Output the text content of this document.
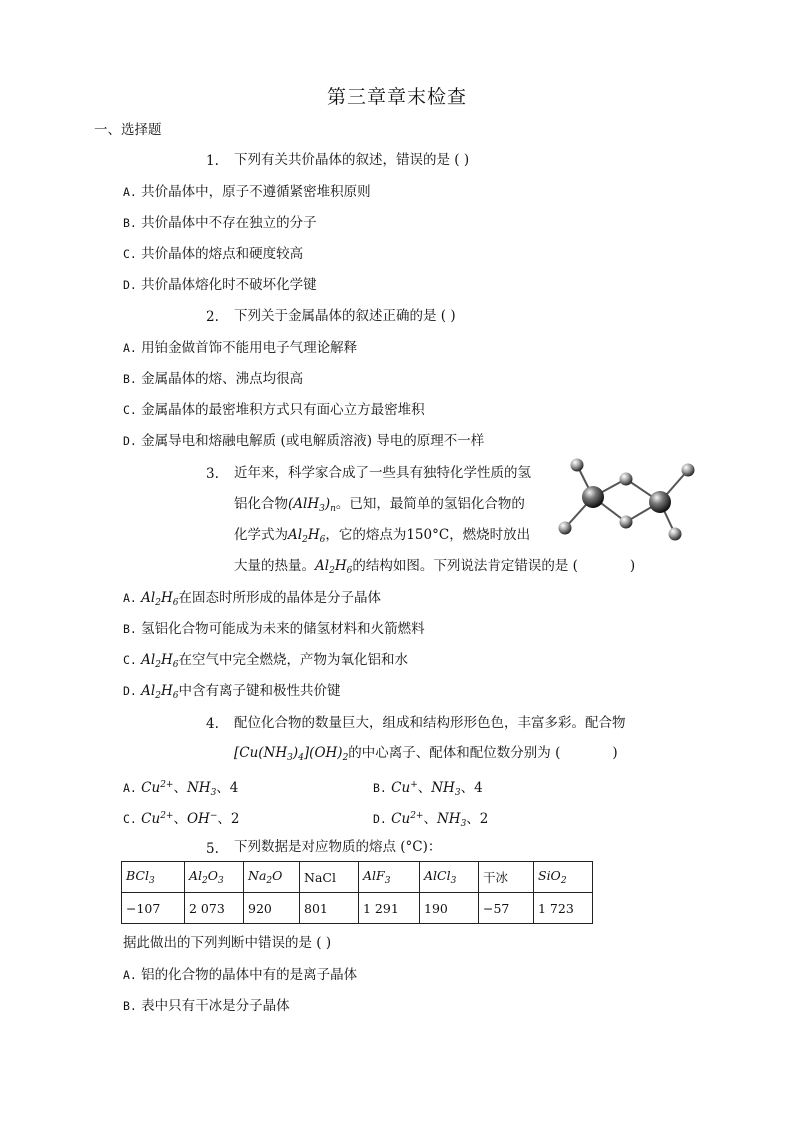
第三章章末检查
一、选择题
1. 下列有关共价晶体的叙述，错误的是 ( )
A. 共价晶体中，原子不遵循紧密堆积原则
B. 共价晶体中不存在独立的分子
C. 共价晶体的熔点和硬度较高
D. 共价晶体熔化时不破坏化学键
2. 下列关于金属晶体的叙述正确的是 ( )
A. 用铂金做首饰不能用电子气理论解释
B. 金属晶体的熔、沸点均很高
C. 金属晶体的最密堆积方式只有面心立方最密堆积
D. 金属导电和熔融电解质 (或电解质溶液) 导电的原理不一样
3. 近年来，科学家合成了一些具有独特化学性质的氢
铝化合物$(AlH_3)_n$。已知，最简单的氢铝化合物的
化学式为$Al_2H_6$，它的熔点为150°C，燃烧时放出
大量的热量。$Al_2H_6$的结构如图。下列说法肯定错误的是 (	)
A. $Al_2H_6$在固态时所形成的晶体是分子晶体
B. 氢铝化合物可能成为未来的储氢材料和火箭燃料
C. $Al_2H_6$在空气中完全燃烧，产物为氧化铝和水
D. $Al_2H_6$中含有离子键和极性共价键
4. 配位化合物的数量巨大，组成和结构形形色色，丰富多彩。配合物
$[Cu(NH_3)_4](OH)_2$的中心离子、配体和配位数分别为 (	)
A. $Cu^{2+}$、$NH_3$、4	B. Cu+、$NH_3$、4
C. $Cu^{2+}$、OH−、2	D. $Cu^{2+}$、$NH_3$、2
5. 下列数据是对应物质的熔点 (°C)：
BCl$_3$	$Al_2O_3$	$Na_2O$	NaCl	AlF$_3$	AlCl$_3$	干冰	SiO$_2$
−107	2 073	920	801	1 291	190	−57	1 723
据此做出的下列判断中错误的是 ( )
A. 铝的化合物的晶体中有的是离子晶体
B. 表中只有干冰是分子晶体
